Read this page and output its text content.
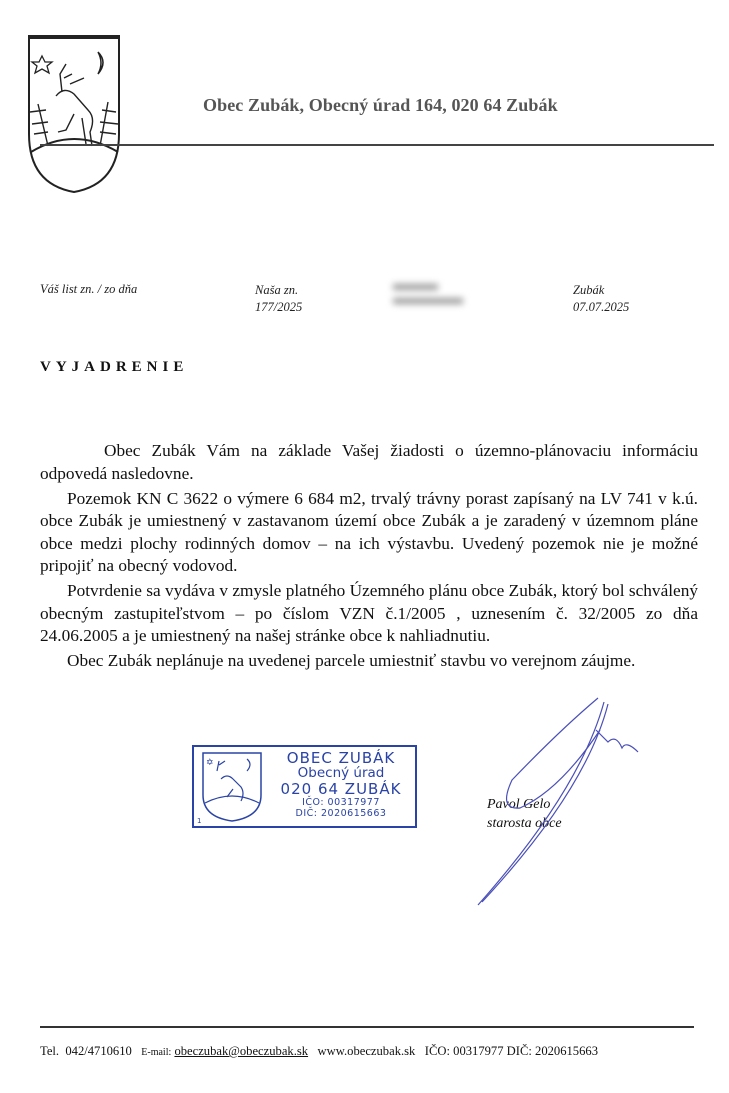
Obec Zubák, Obecný úrad 164, 020 64 Zubák
Váš list zn. / zo dňa	Naša zn.
177/2025
Zubák
07.07.2025
VYJADRENIE

Obec Zubák Vám na základe Vašej žiadosti o územno-plánovaciu informáciu odpovedá nasledovne.

Pozemok KN C 3622 o výmere 6 684 m2, trvalý trávny porast zapísaný na LV 741 v k.ú. obce Zubák je umiestnený v zastavanom území obce Zubák a je zaradený v územnom pláne obce medzi plochy rodinných domov – na ich výstavbu. Uvedený pozemok nie je možné pripojiť na obecný vodovod.

Potvrdenie sa vydáva v zmysle platného Územného plánu obce Zubák, ktorý bol schválený obecným zastupiteľstvom – po číslom VZN č.1/2005 , uznesením č. 32/2005 zo dňa 24.06.2005 a je umiestnený na našej stránke obce k nahliadnutiu.

Obec Zubák neplánuje na uvedenej parcele umiestniť stavbu vo verejnom záujme.

✡	OBEC ZUBÁK
Obecný úrad
020 64 ZUBÁK
IČO: 00317977
DIČ: 2020615663
1
Pavol Gelo
starosta obce
Tel. 042/4710610 E-mail: obeczubak@obeczubak.sk www.obeczubak.sk IČO: 00317977 DIČ: 2020615663
